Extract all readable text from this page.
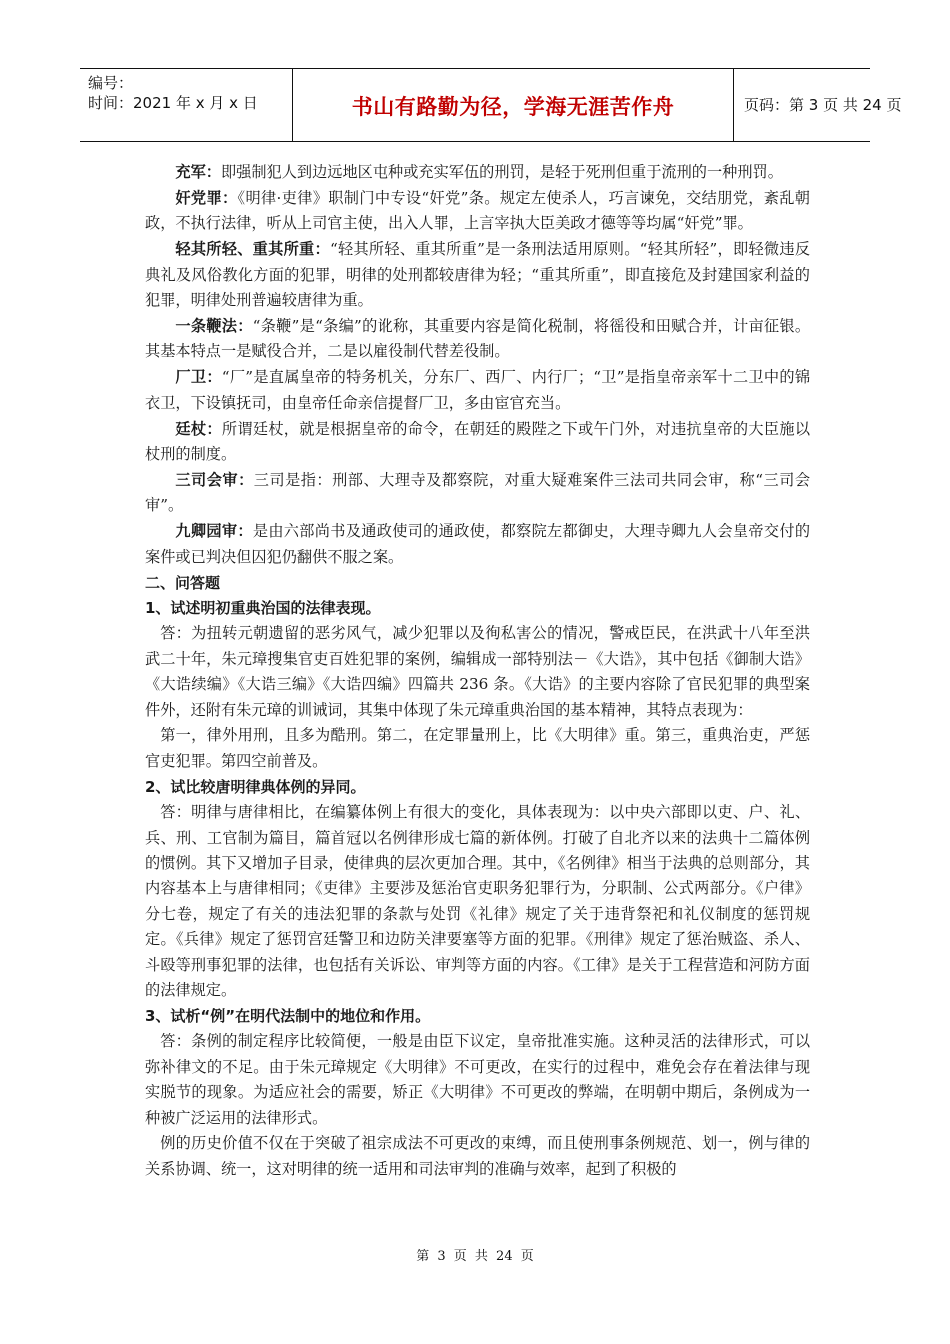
编号：
时间：2021 年 x 月 x 日	书山有路勤为径，学海无涯苦作舟	页码：第 3 页 共 24 页

充军：即强制犯人到边远地区屯种或充实军伍的刑罚，是轻于死刑但重于流刑的一种刑罚。

奸党罪：《明律·吏律》职制门中专设“奸党”条。规定左使杀人，巧言谏免，交结朋党，紊乱朝政，不执行法律，听从上司官主使，出入人罪，上言宰执大臣美政才德等等均属“奸党”罪。

轻其所轻、重其所重：“轻其所轻、重其所重”是一条刑法适用原则。“轻其所轻”，即轻微违反典礼及风俗教化方面的犯罪，明律的处刑都较唐律为轻；“重其所重”，即直接危及封建国家利益的犯罪，明律处刑普遍较唐律为重。

一条鞭法：“条鞭”是“条编”的讹称，其重要内容是简化税制，将徭役和田赋合并，计亩征银。其基本特点一是赋役合并，二是以雇役制代替差役制。

厂卫：“厂”是直属皇帝的特务机关，分东厂、西厂、内行厂；“卫”是指皇帝亲军十二卫中的锦衣卫，下设镇抚司，由皇帝任命亲信提督厂卫，多由宦官充当。

廷杖：所谓廷杖，就是根据皇帝的命令，在朝廷的殿陛之下或午门外，对违抗皇帝的大臣施以杖刑的制度。

三司会审：三司是指：刑部、大理寺及都察院，对重大疑难案件三法司共同会审，称“三司会审”。

九卿园审：是由六部尚书及通政使司的通政使，都察院左都御史，大理寺卿九人会皇帝交付的案件或已判决但囚犯仍翻供不服之案。

二、问答题

1、试述明初重典治国的法律表现。

答：为扭转元朝遗留的恶劣风气，减少犯罪以及徇私害公的情况，警戒臣民，在洪武十八年至洪武二十年，朱元璋搜集官吏百姓犯罪的案例，编辑成一部特别法－《大诰》，其中包括《御制大诰》《大诰续编》《大诰三编》《大诰四编》四篇共 236 条。《大诰》的主要内容除了官民犯罪的典型案件外，还附有朱元璋的训诫词，其集中体现了朱元璋重典治国的基本精神，其特点表现为：

第一，律外用刑，且多为酷刑。第二，在定罪量刑上，比《大明律》重。第三，重典治吏，严惩官吏犯罪。第四空前普及。

2、试比较唐明律典体例的异同。

答：明律与唐律相比，在编纂体例上有很大的变化，具体表现为：以中央六部即以吏、户、礼、兵、刑、工官制为篇目，篇首冠以名例律形成七篇的新体例。打破了自北齐以来的法典十二篇体例的惯例。其下又增加子目录，使律典的层次更加合理。其中，《名例律》相当于法典的总则部分，其内容基本上与唐律相同；《吏律》主要涉及惩治官吏职务犯罪行为，分职制、公式两部分。《户律》分七卷，规定了有关的违法犯罪的条款与处罚《礼律》规定了关于违背祭祀和礼仪制度的惩罚规定。《兵律》规定了惩罚宫廷警卫和边防关津要塞等方面的犯罪。《刑律》规定了惩治贼盗、杀人、斗殴等刑事犯罪的法律，也包括有关诉讼、审判等方面的内容。《工律》是关于工程营造和河防方面的法律规定。

3、试析“例”在明代法制中的地位和作用。

答：条例的制定程序比较简便，一般是由臣下议定，皇帝批准实施。这种灵活的法律形式，可以弥补律文的不足。由于朱元璋规定《大明律》不可更改，在实行的过程中，难免会存在着法律与现实脱节的现象。为适应社会的需要，矫正《大明律》不可更改的弊端，在明朝中期后，条例成为一种被广泛运用的法律形式。

例的历史价值不仅在于突破了祖宗成法不可更改的束缚，而且使刑事条例规范、划一，例与律的关系协调、统一，这对明律的统一适用和司法审判的准确与效率，起到了积极的

第 3 页 共 24 页
